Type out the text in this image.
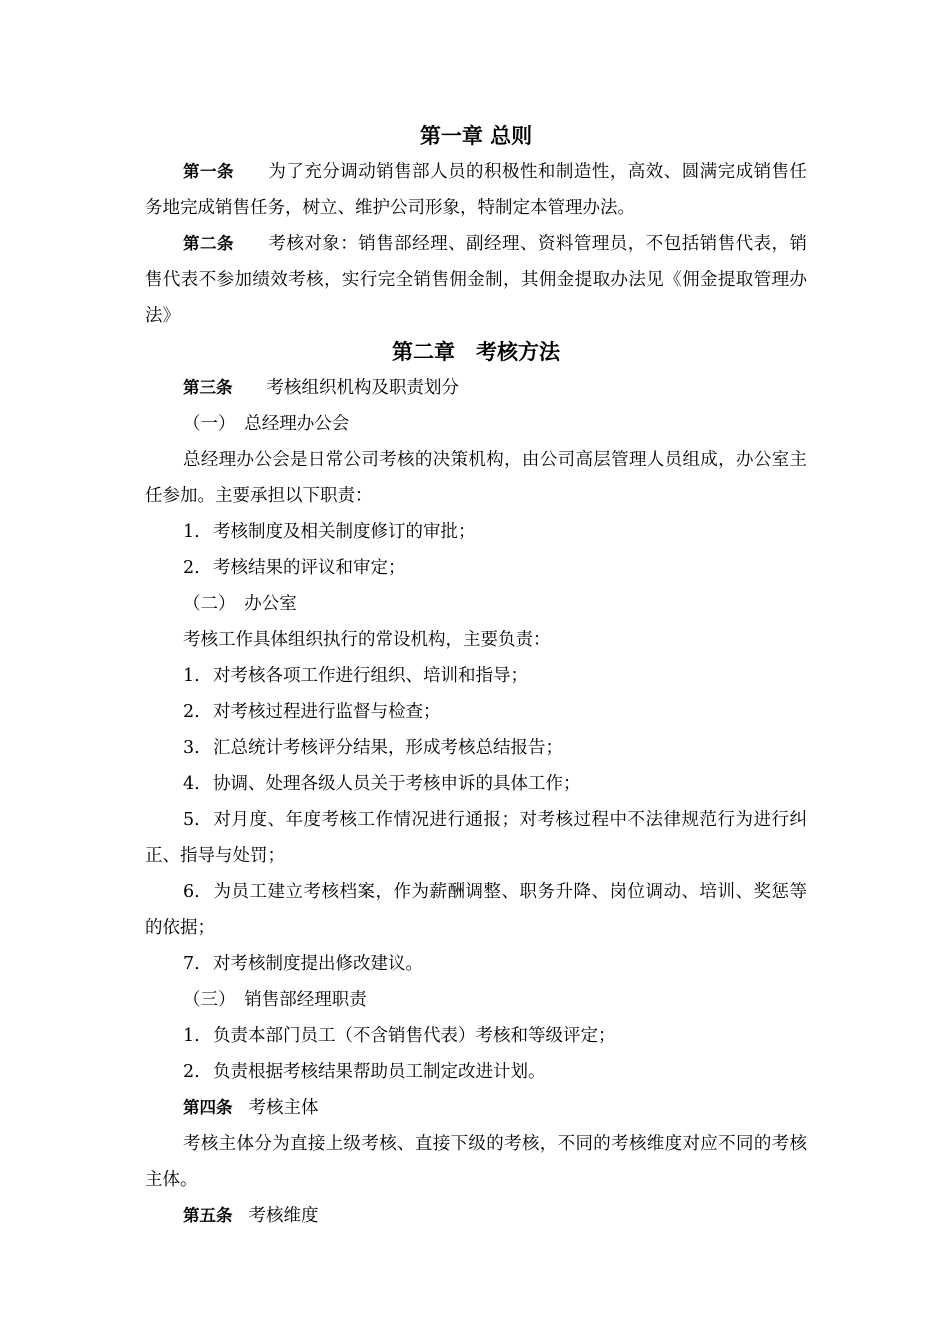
第一章 总则

第一条 为了充分调动销售部人员的积极性和制造性，高效、圆满完成销售任务地完成销售任务，树立、维护公司形象，特制定本管理办法。

第二条 考核对象：销售部经理、副经理、资料管理员，不包括销售代表，销售代表不参加绩效考核，实行完全销售佣金制，其佣金提取办法见《佣金提取管理办法》

第二章　考核方法

第三条 考核组织机构及职责划分

（一）　总经理办公会

总经理办公会是日常公司考核的决策机构，由公司高层管理人员组成，办公室主任参加。主要承担以下职责：

1. 考核制度及相关制度修订的审批；

2. 考核结果的评议和审定；

（二）　办公室

考核工作具体组织执行的常设机构，主要负责：

1. 对考核各项工作进行组织、培训和指导；

2. 对考核过程进行监督与检查；

3. 汇总统计考核评分结果，形成考核总结报告；

4. 协调、处理各级人员关于考核申诉的具体工作；

5. 对月度、年度考核工作情况进行通报；对考核过程中不法律规范行为进行纠正、指导与处罚；

6. 为员工建立考核档案，作为薪酬调整、职务升降、岗位调动、培训、奖惩等的依据；

7. 对考核制度提出修改建议。

（三）　销售部经理职责

1. 负责本部门员工（不含销售代表）考核和等级评定；

2. 负责根据考核结果帮助员工制定改进计划。

第四条 考核主体

考核主体分为直接上级考核、直接下级的考核，不同的考核维度对应不同的考核主体。

第五条 考核维度
